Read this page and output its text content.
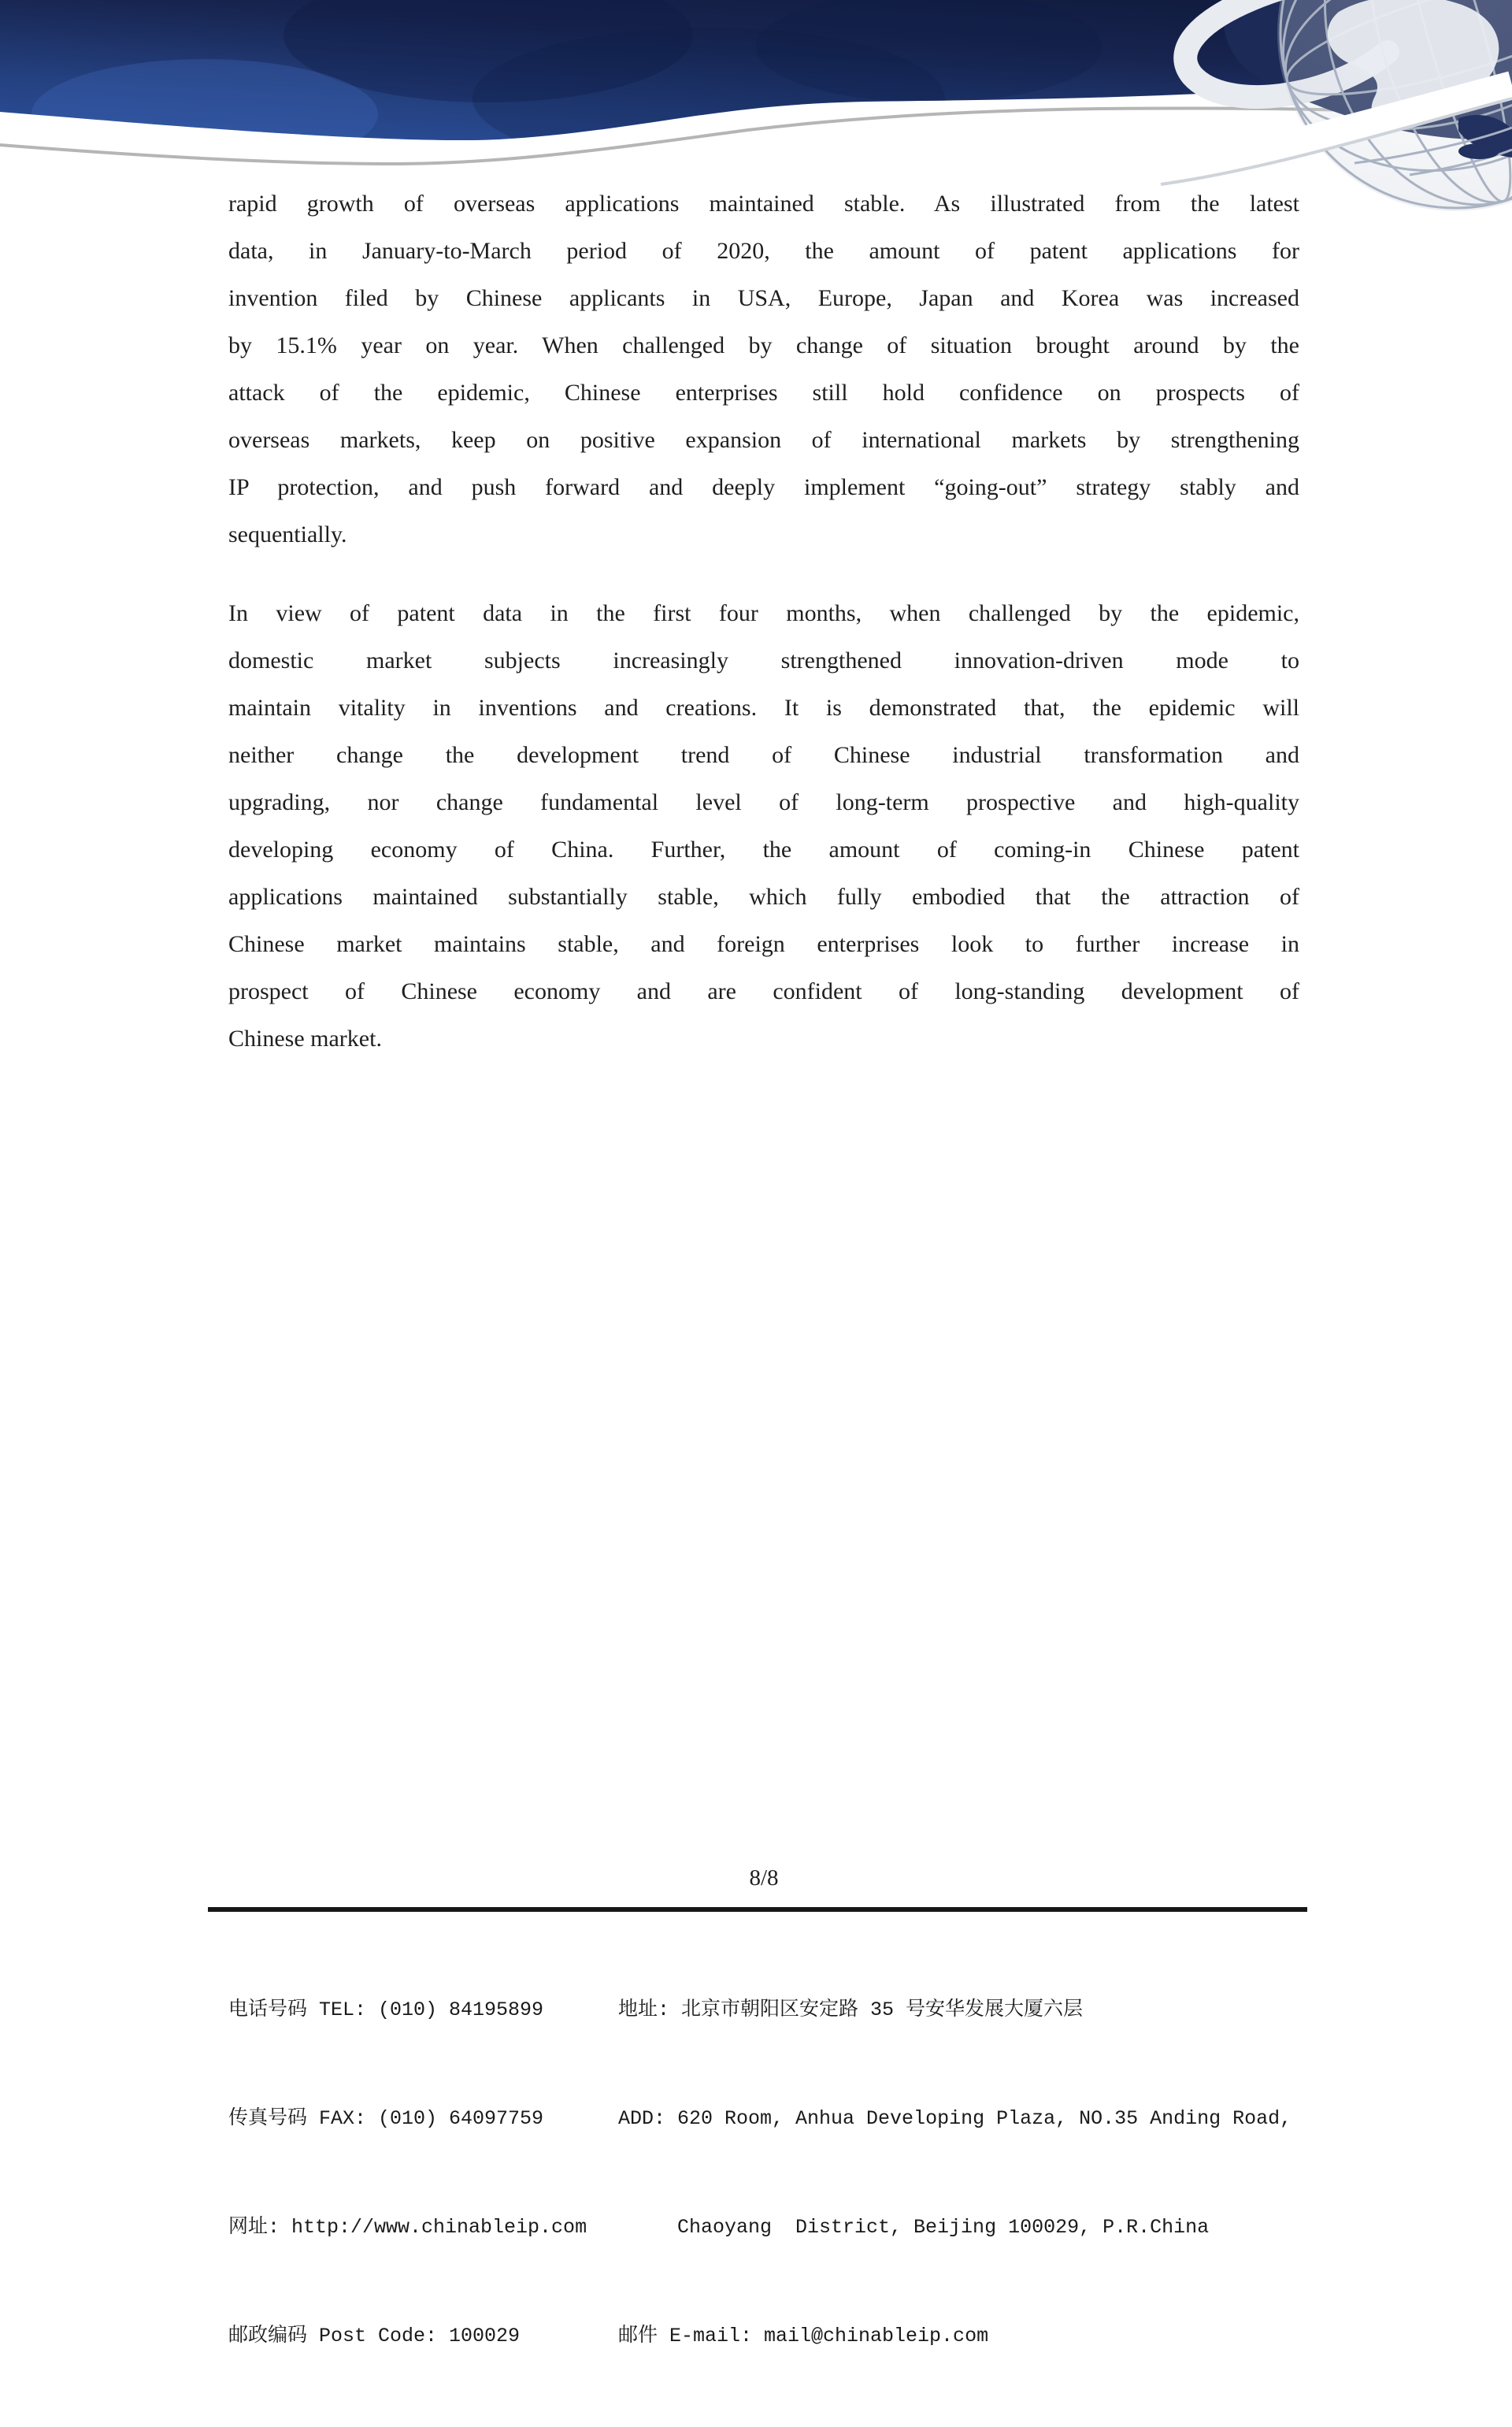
rapid growth of overseas applications maintained stable. As illustrated from the latest
data, in January-to-March period of 2020, the amount of patent applications for
invention filed by Chinese applicants in USA, Europe, Japan and Korea was increased
by 15.1% year on year. When challenged by change of situation brought around by the
attack of the epidemic, Chinese enterprises still hold confidence on prospects of
overseas markets, keep on positive expansion of international markets by strengthening
IP protection, and push forward and deeply implement “going-out” strategy stably and
sequentially.
In view of patent data in the first four months, when challenged by the epidemic,
domestic market subjects increasingly strengthened innovation-driven mode to
maintain vitality in inventions and creations. It is demonstrated that, the epidemic will
neither change the development trend of Chinese industrial transformation and
upgrading, nor change fundamental level of long-term prospective and high-quality
developing economy of China. Further, the amount of coming-in Chinese patent
applications maintained substantially stable, which fully embodied that the attraction of
Chinese market maintains stable, and foreign enterprises look to further increase in
prospect of Chinese economy and are confident of long-standing development of
Chinese market.
8/8

电话号码 TEL: (010) 84195899

传真号码 FAX: (010) 64097759

网址: http://www.chinableip.com

邮政编码 Post Code: 100029

地址: 北京市朝阳区安定路 35 号安华发展大厦六层

ADD: 620 Room, Anhua Developing Plaza, NO.35 Anding Road,

Chaoyang  District, Beijing 100029, P.R.China

邮件 E-mail: mail@chinableip.com
